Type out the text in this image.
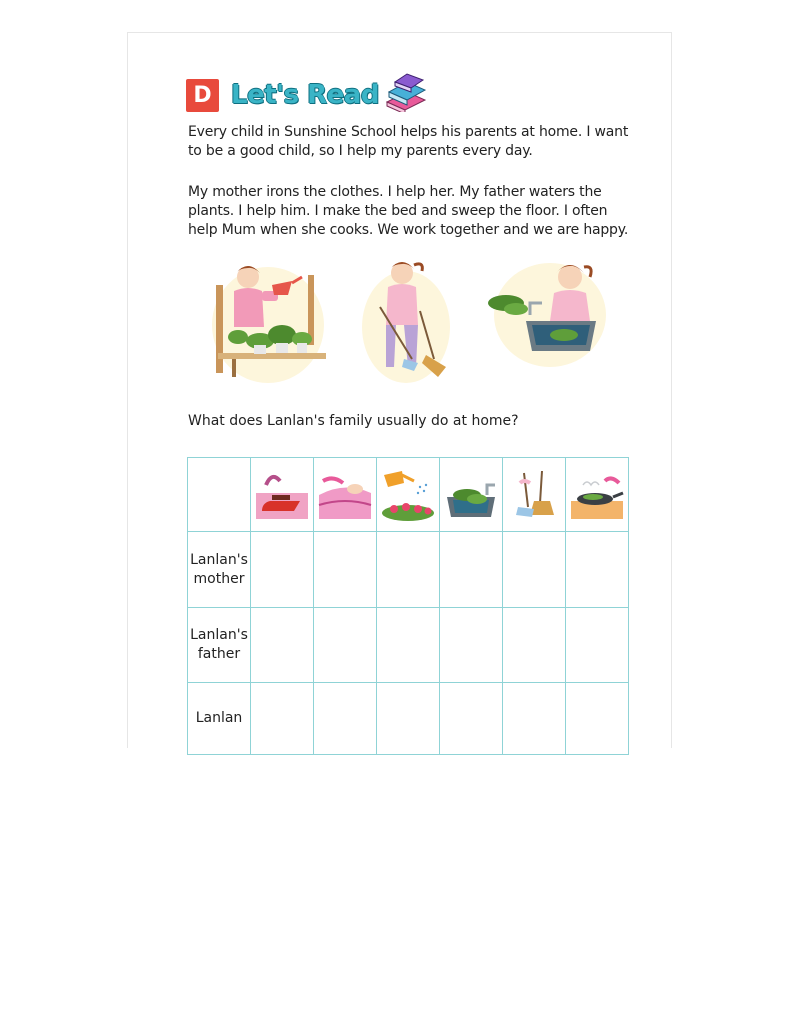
D Let's Read
Every child in Sunshine School helps his parents at home. I want to be a good child, so I help my parents every day.
My mother irons the clothes. I help her. My father waters the plants. I help him. I make the bed and sweep the floor. I often help Mum when she cooks. We work together and we are happy.
What does Lanlan's family usually do at home?

Lanlan's mother						
Lanlan's father						
Lanlan						
